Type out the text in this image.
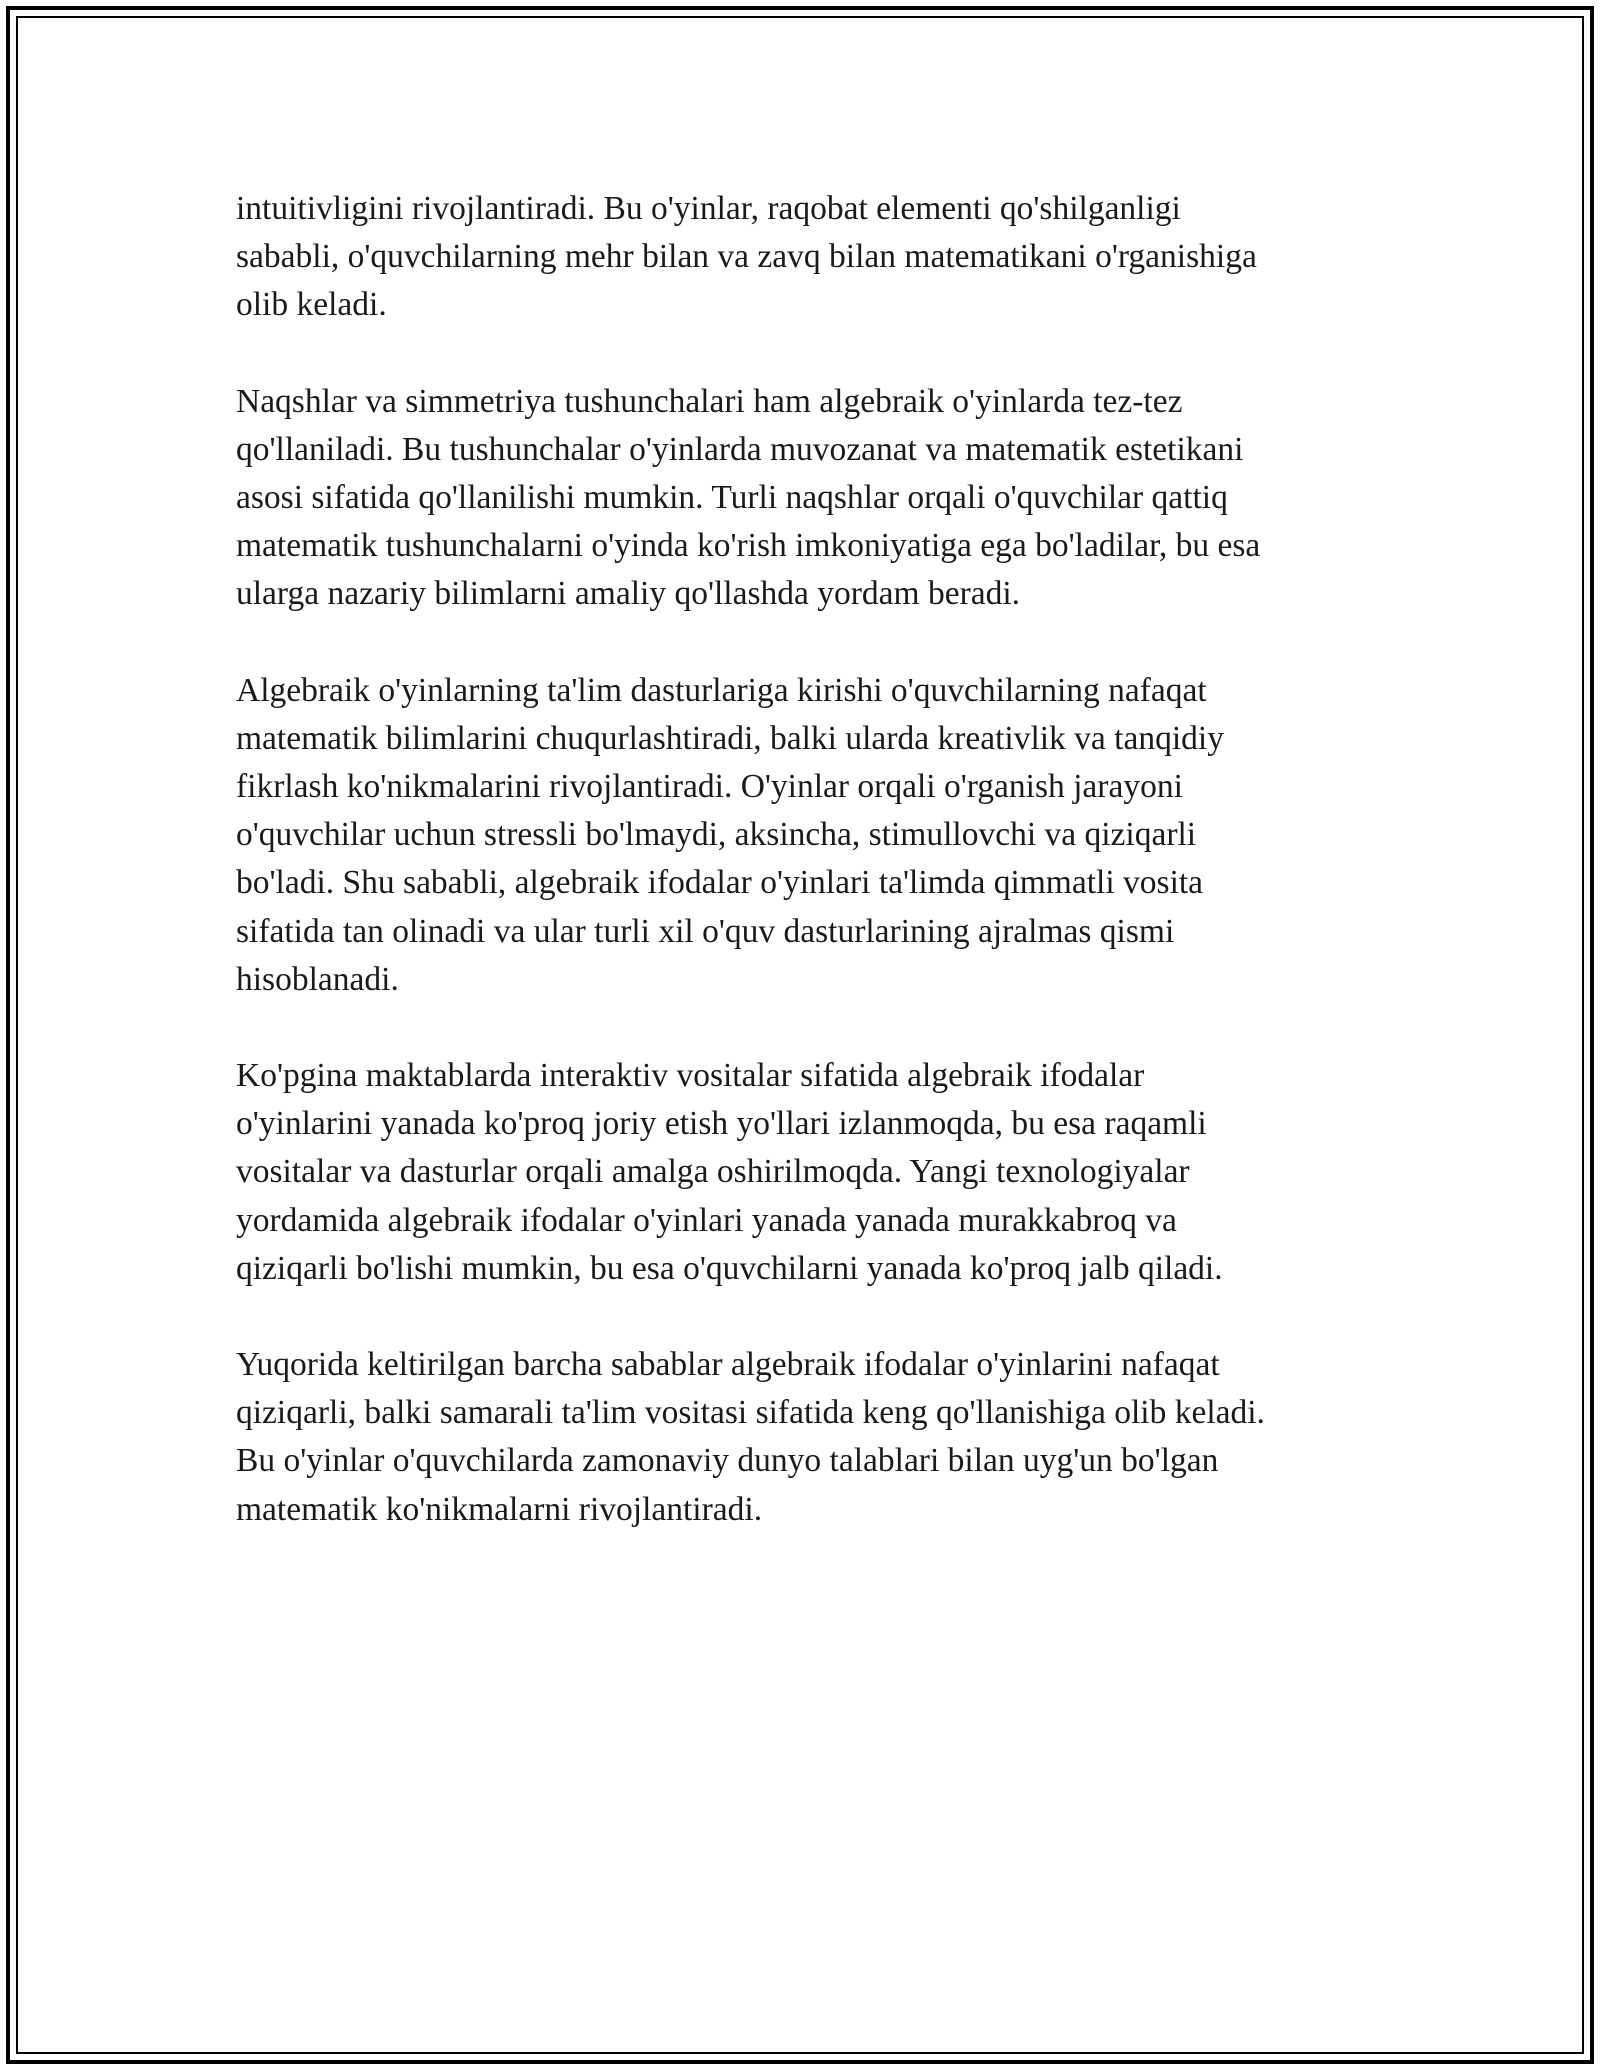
intuitivligini rivojlantiradi. Bu o'yinlar, raqobat elementi qo'shilganligi
sababli, o'quvchilarning mehr bilan va zavq bilan matematikani o'rganishiga
olib keladi.

Naqshlar va simmetriya tushunchalari ham algebraik o'yinlarda tez-tez
qo'llaniladi. Bu tushunchalar o'yinlarda muvozanat va matematik estetikani
asosi sifatida qo'llanilishi mumkin. Turli naqshlar orqali o'quvchilar qattiq
matematik tushunchalarni o'yinda ko'rish imkoniyatiga ega bo'ladilar, bu esa
ularga nazariy bilimlarni amaliy qo'llashda yordam beradi.

Algebraik o'yinlarning ta'lim dasturlariga kirishi o'quvchilarning nafaqat
matematik bilimlarini chuqurlashtiradi, balki ularda kreativlik va tanqidiy
fikrlash ko'nikmalarini rivojlantiradi. O'yinlar orqali o'rganish jarayoni
o'quvchilar uchun stressli bo'lmaydi, aksincha, stimullovchi va qiziqarli
bo'ladi. Shu sababli, algebraik ifodalar o'yinlari ta'limda qimmatli vosita
sifatida tan olinadi va ular turli xil o'quv dasturlarining ajralmas qismi
hisoblanadi.

Ko'pgina maktablarda interaktiv vositalar sifatida algebraik ifodalar
o'yinlarini yanada ko'proq joriy etish yo'llari izlanmoqda, bu esa raqamli
vositalar va dasturlar orqali amalga oshirilmoqda. Yangi texnologiyalar
yordamida algebraik ifodalar o'yinlari yanada yanada murakkabroq va
qiziqarli bo'lishi mumkin, bu esa o'quvchilarni yanada ko'proq jalb qiladi.

Yuqorida keltirilgan barcha sabablar algebraik ifodalar o'yinlarini nafaqat
qiziqarli, balki samarali ta'lim vositasi sifatida keng qo'llanishiga olib keladi.
Bu o'yinlar o'quvchilarda zamonaviy dunyo talablari bilan uyg'un bo'lgan
matematik ko'nikmalarni rivojlantiradi.
